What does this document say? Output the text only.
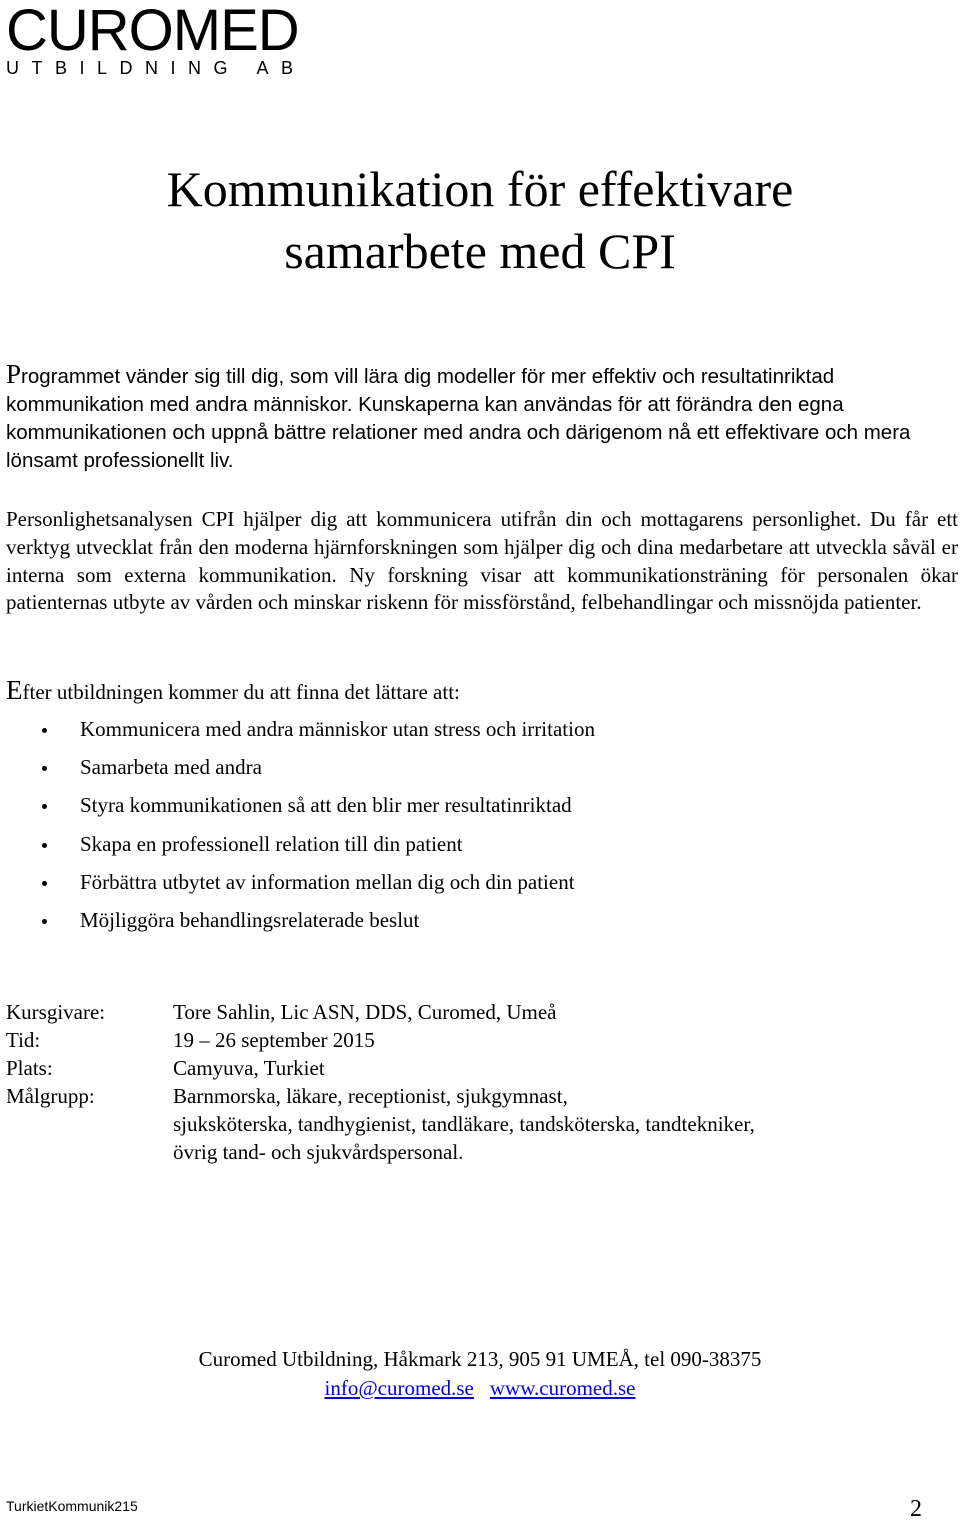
CUROMED
UTBILDNING AB
Kommunikation för effektivare
samarbete med CPI
Programmet vänder sig till dig, som vill lära dig modeller för mer effektiv och resultatinriktad kommunikation med andra människor. Kunskaperna kan användas för att förändra den egna kommunikationen och uppnå bättre relationer med andra och därigenom nå ett effektivare och mera lönsamt professionellt liv.
Personlighetsanalysen CPI hjälper dig att kommunicera utifrån din och mottagarens personlighet. Du får ett verktyg utvecklat från den moderna hjärnforskningen som hjälper dig och dina medarbetare att utveckla såväl er interna som externa kommunikation. Ny forskning visar att kommunikationsträning för personalen ökar patienternas utbyte av vården och minskar riskenn för missförstånd, felbehandlingar och missnöjda patienter.
Efter utbildningen kommer du att finna det lättare att:
Kommunicera med andra människor utan stress och irritation
Samarbeta med andra
Styra kommunikationen så att den blir mer resultatinriktad
Skapa en professionell relation till din patient
Förbättra utbytet av information mellan dig och din patient
Möjliggöra behandlingsrelaterade beslut
Kursgivare:	Tore Sahlin, Lic ASN, DDS, Curomed, Umeå
Tid:	19 – 26 september 2015
Plats:	Camyuva, Turkiet
Målgrupp:	Barnmorska, läkare, receptionist, sjukgymnast,
sjuksköterska, tandhygienist, tandläkare, tandsköterska, tandtekniker,
övrig tand- och sjukvårdspersonal.
Curomed Utbildning, Håkmark 213, 905 91 UMEÅ, tel 090-38375
info@curomed.se www.curomed.se
TurkietKommunik215	2
